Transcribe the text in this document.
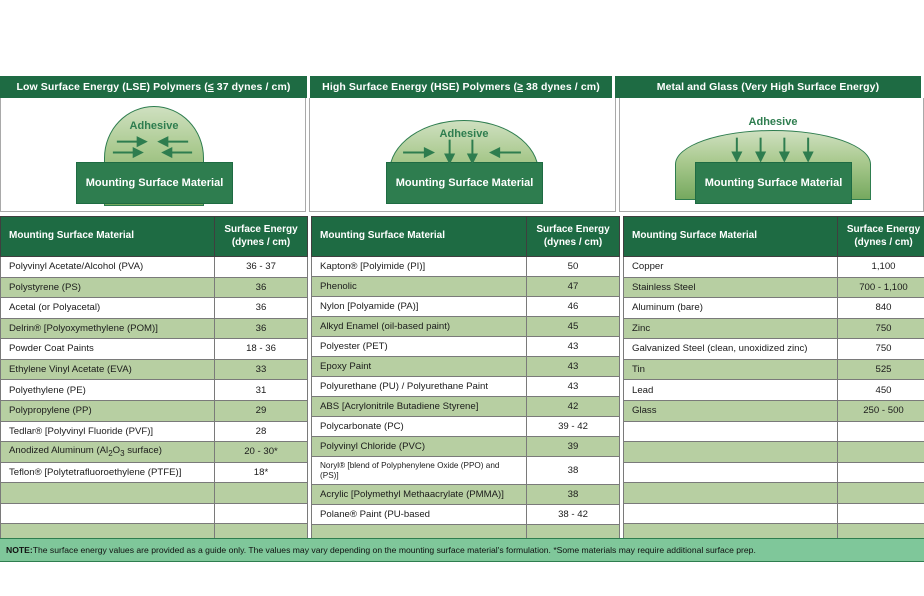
Low Surface Energy (LSE) Polymers (≤ 37 dynes / cm)	High Surface Energy (HSE) Polymers (≥ 38 dynes / cm)	Metal and Glass (Very High Surface Energy)
Adhesive
Mounting Surface Material
Adhesive
Mounting Surface Material
Adhesive
Mounting Surface Material
Mounting Surface Material	Surface Energy
(dynes / cm)
Polyvinyl Acetate/Alcohol (PVA)	36 - 37
Polystyrene (PS)	36
Acetal (or Polyacetal)	36
Delrin® [Polyoxymethylene (POM)]	36
Powder Coat Paints	18 - 36
Ethylene Vinyl Acetate (EVA)	33
Polyethylene (PE)	31
Polypropylene (PP)	29
Tedlar® [Polyvinyl Fluoride (PVF)]	28
Anodized Aluminum ($Al_2O_3$ surface)	20 - 30*
Teflon® [Polytetrafluoroethylene (PTFE)]	18*

Mounting Surface Material	Surface Energy
(dynes / cm)
Kapton® [Polyimide (PI)]	50
Phenolic	47
Nylon [Polyamide (PA)]	46
Alkyd Enamel (oil-based paint)	45
Polyester (PET)	43
Epoxy Paint	43
Polyurethane (PU) / Polyurethane Paint	43
ABS [Acrylonitrile Butadiene Styrene]	42
Polycarbonate (PC)	39 - 42
Polyvinyl Chloride (PVC)	39
Noryl® [blend of Polyphenylene Oxide (PPO) and (PS)]	38
Acrylic [Polymethyl Methaacrylate (PMMA)]	38
Polane® Paint (PU-based	38 - 42

Mounting Surface Material	Surface Energy
(dynes / cm)
Copper	1,100
Stainless Steel	700 - 1,100
Aluminum (bare)	840
Zinc	750
Galvanized Steel (clean, unoxidized zinc)	750
Tin	525
Lead	450
Glass	250 - 500

NOTE: The surface energy values are provided as a guide only. The values may vary depending on the mounting surface material's formulation. *Some materials may require additional surface prep.
